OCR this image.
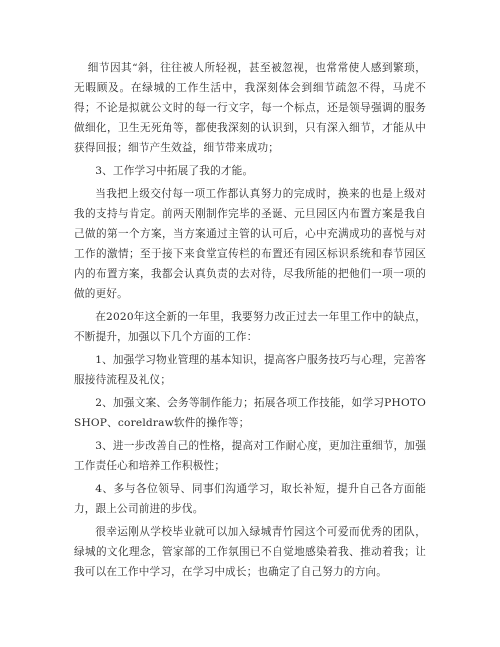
细节因其“斜，往往被人所轻视，甚至被忽视，也常常使人感到繁琐，无暇顾及。在绿城的工作生活中，我深刻体会到细节疏忽不得，马虎不得；不论是拟就公文时的每一行文字，每一个标点，还是领导强调的服务做细化，卫生无死角等，都使我深刻的认识到，只有深入细节，才能从中获得回报；细节产生效益，细节带来成功；

3、工作学习中拓展了我的才能。

当我把上级交付每一项工作都认真努力的完成时，换来的也是上级对我的支持与肯定。前两天刚制作完毕的圣诞、元旦园区内布置方案是我自己做的第一个方案，当方案通过主管的认可后，心中充满成功的喜悦与对工作的激情；至于接下来食堂宣传栏的布置还有园区标识系统和春节园区内的布置方案，我都会认真负责的去对待，尽我所能的把他们一项一项的做的更好。

在2020年这全新的一年里，我要努力改正过去一年里工作中的缺点，不断提升，加强以下几个方面的工作：

1、加强学习物业管理的基本知识，提高客户服务技巧与心理，完善客服接待流程及礼仪；

2、加强文案、会务等制作能力；拓展各项工作技能，如学习PHOTOSHOP、coreldraw软件的操作等；

3、进一步改善自己的性格，提高对工作耐心度，更加注重细节，加强工作责任心和培养工作积极性；

4、多与各位领导、同事们沟通学习，取长补短，提升自己各方面能力，跟上公司前进的步伐。

很幸运刚从学校毕业就可以加入绿城青竹园这个可爱而优秀的团队，绿城的文化理念，管家部的工作氛围已不自觉地感染着我、推动着我；让我可以在工作中学习，在学习中成长；也确定了自己努力的方向。
